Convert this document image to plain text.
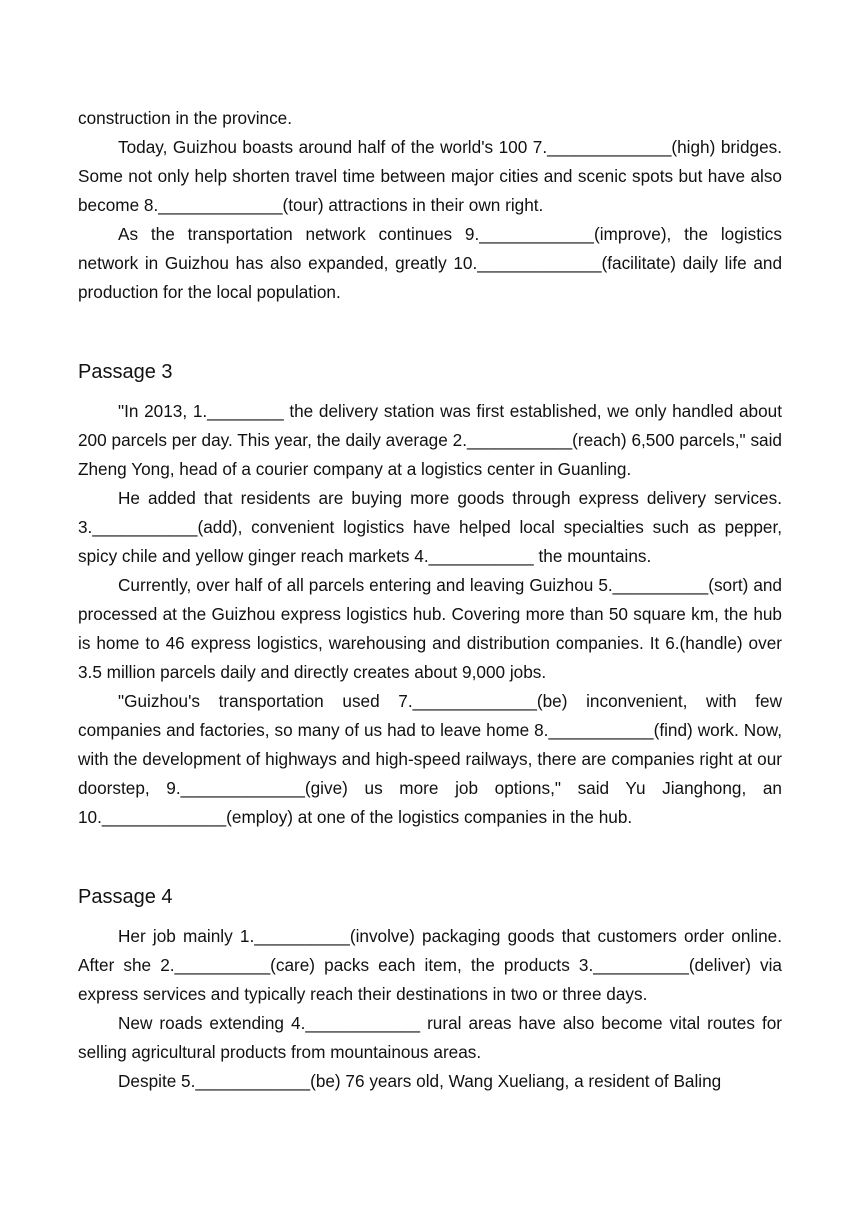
construction in the province.

Today, Guizhou boasts around half of the world's 100 7._____________(high) bridges. Some not only help shorten travel time between major cities and scenic spots but have also become 8._____________(tour) attractions in their own right.

As the transportation network continues 9.____________(improve), the logistics network in Guizhou has also expanded, greatly 10._____________(facilitate) daily life and production for the local population.

Passage 3

"In 2013, 1.________ the delivery station was first established, we only handled about 200 parcels per day. This year, the daily average 2.___________(reach) 6,500 parcels," said Zheng Yong, head of a courier company at a logistics center in Guanling.

He added that residents are buying more goods through express delivery services. 3.___________(add), convenient logistics have helped local specialties such as pepper, spicy chile and yellow ginger reach markets 4.___________ the mountains.

Currently, over half of all parcels entering and leaving Guizhou 5.__________(sort) and processed at the Guizhou express logistics hub. Covering more than 50 square km, the hub is home to 46 express logistics, warehousing and distribution companies. It 6.(handle) over 3.5 million parcels daily and directly creates about 9,000 jobs.

"Guizhou's transportation used 7._____________(be) inconvenient, with few companies and factories, so many of us had to leave home 8.___________(find) work. Now, with the development of highways and high-speed railways, there are companies right at our doorstep, 9._____________(give) us more job options," said Yu Jianghong, an 10._____________(employ) at one of the logistics companies in the hub.

Passage 4

Her job mainly 1.__________(involve) packaging goods that customers order online. After she 2.__________(care) packs each item, the products 3.__________(deliver) via express services and typically reach their destinations in two or three days.

New roads extending 4.____________ rural areas have also become vital routes for selling agricultural products from mountainous areas.

Despite 5.____________(be) 76 years old, Wang Xueliang, a resident of Baling
